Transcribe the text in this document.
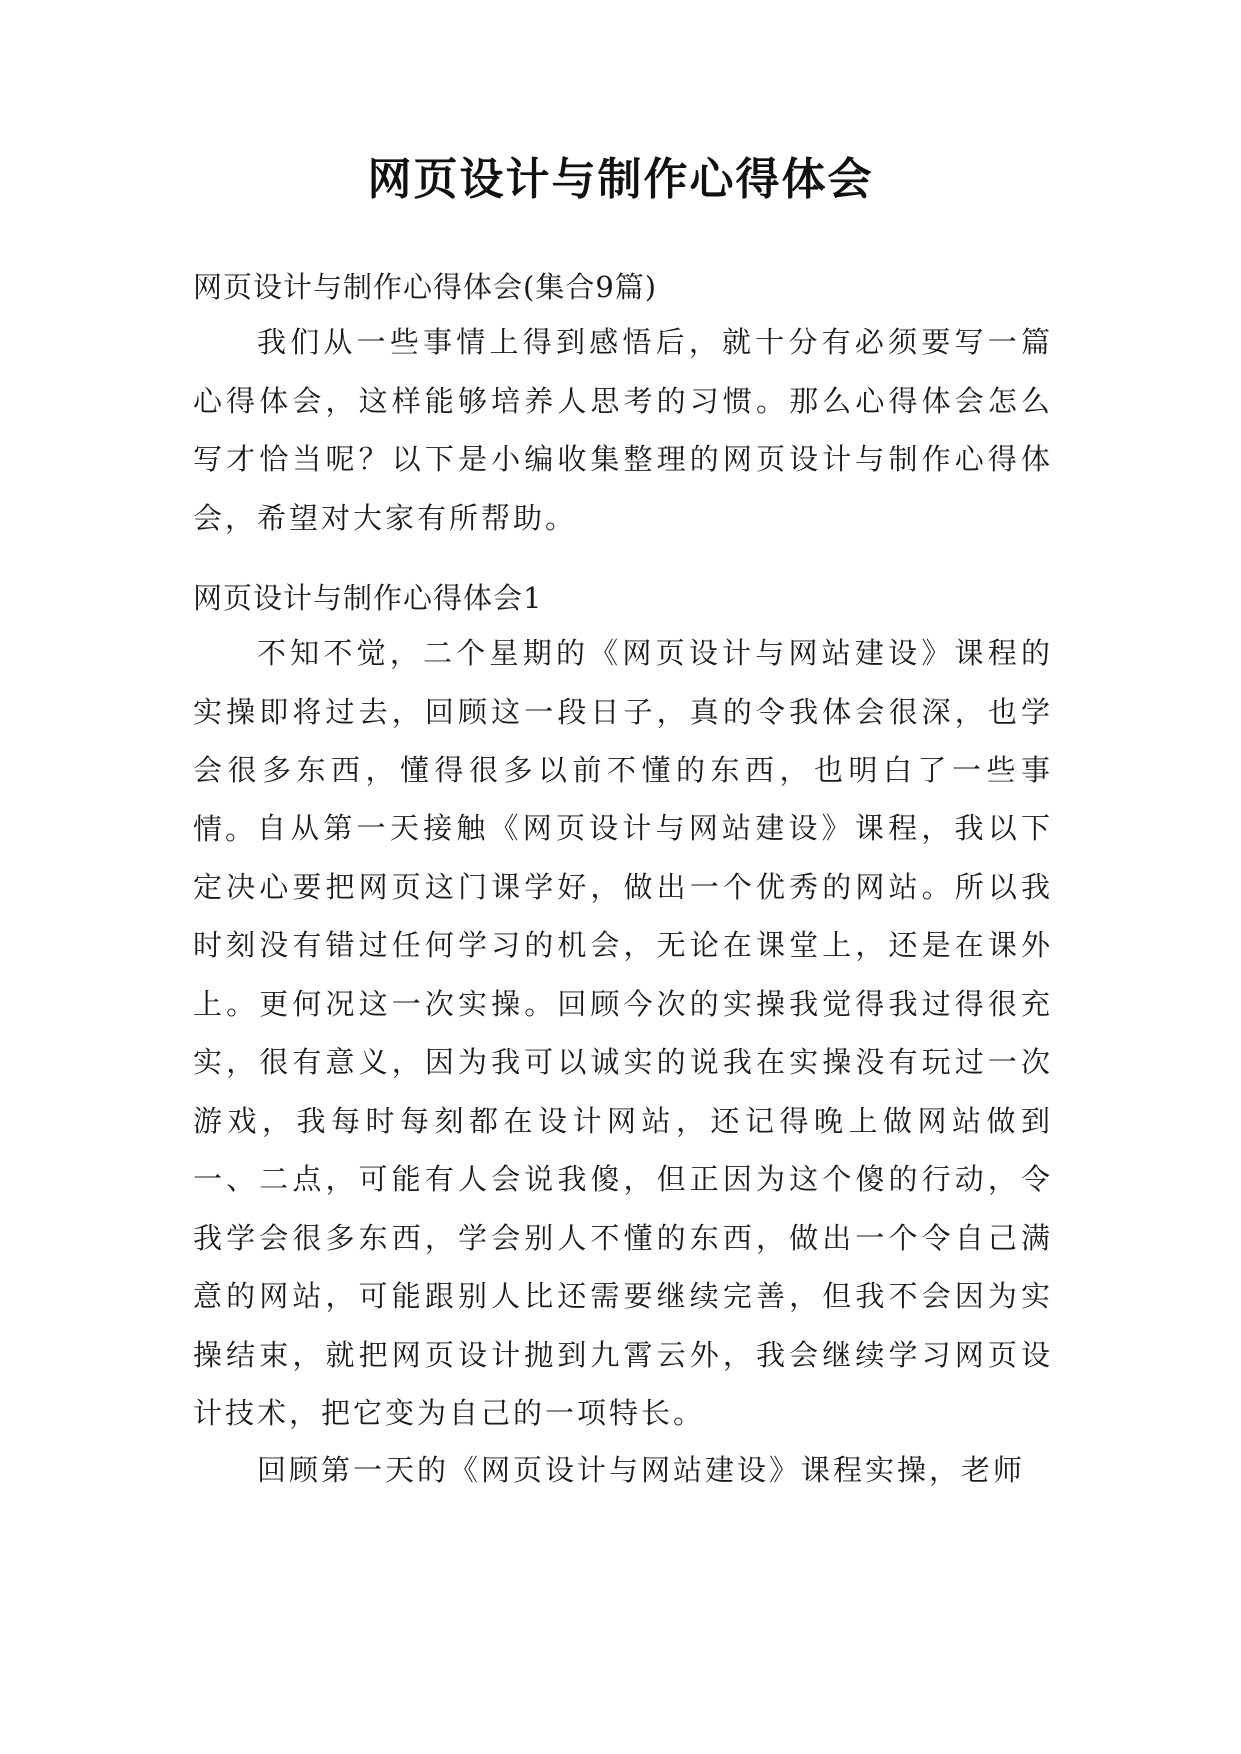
网页设计与制作心得体会

网页设计与制作心得体会(集合9篇)

我们从一些事情上得到感悟后，就十分有必须要写一篇心得体会，这样能够培养人思考的习惯。那么心得体会怎么写才恰当呢？以下是小编收集整理的网页设计与制作心得体会，希望对大家有所帮助。

网页设计与制作心得体会1

不知不觉，二个星期的《网页设计与网站建设》课程的实操即将过去，回顾这一段日子，真的令我体会很深，也学会很多东西，懂得很多以前不懂的东西，也明白了一些事情。 自从第一天接触《网页设计与网站建设》课程，我以下定决心要把网页这门课学好，做出一个优秀的网站。所以我时刻没有错过任何学习的机会，无论在课堂上，还是在课外上。更何况这一次实操。回顾今次的实操我觉得我过得很充实，很有意义，因为我可以诚实的说我在实操没有玩过一次游戏，我每时每刻都在设计网站，还记得晚上做网站做到一、二点，可能有人会说我傻，但正因为这个傻的行动，令我学会很多东西，学会别人不懂的东西，做出一个令自己满意的网站，可能跟别人比还需要继续完善，但我不会因为实操结束，就把网页设计抛到九霄云外，我会继续学习网页设计技术，把它变为自己的一项特长。

回顾第一天的《网页设计与网站建设》课程实操，老师
